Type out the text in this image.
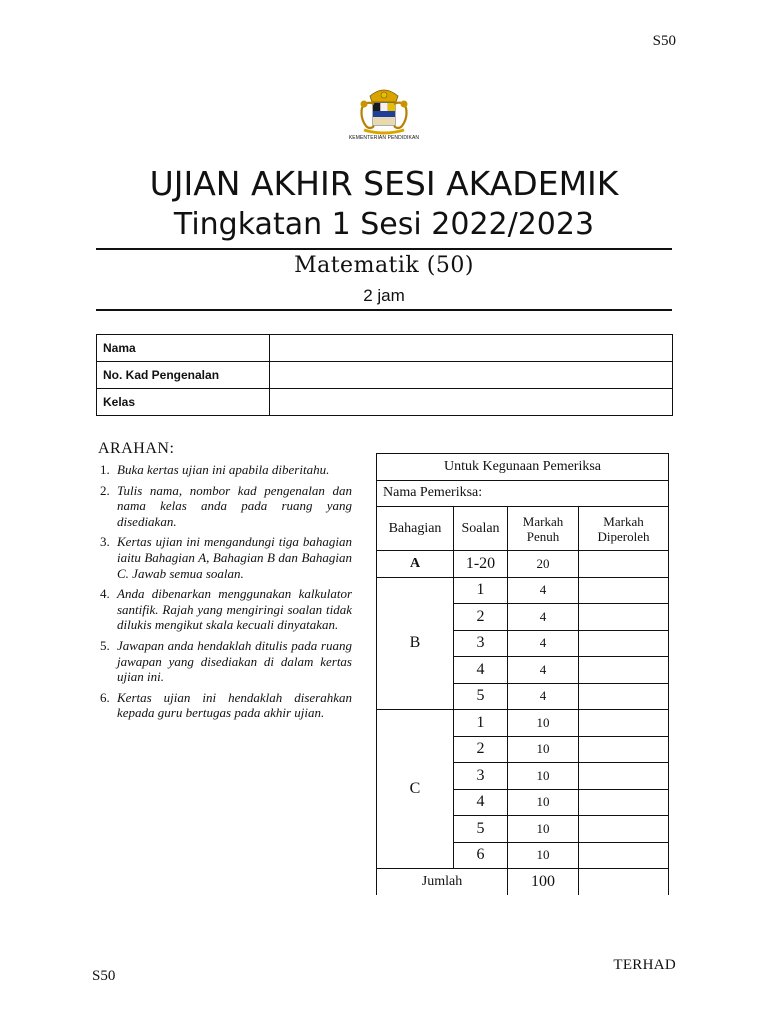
S50
KEMENTERIAN PENDIDIKAN
UJIAN AKHIR SESI AKADEMIK
Tingkatan 1 Sesi 2022/2023
Matematik (50)
2 jam
Nama	
No. Kad Pengenalan	
Kelas	
ARAHAN:
1. Buka kertas ujian ini apabila diberitahu.
2. Tulis nama, nombor kad pengenalan dan nama kelas anda pada ruang yang disediakan.
3. Kertas ujian ini mengandungi tiga bahagian iaitu Bahagian A, Bahagian B dan Bahagian C. Jawab semua soalan.
4. Anda dibenarkan menggunakan kalkulator santifik. Rajah yang mengiringi soalan tidak dilukis mengikut skala kecuali dinyatakan.
5. Jawapan anda hendaklah ditulis pada ruang jawapan yang disediakan di dalam kertas ujian ini.
6. Kertas ujian ini hendaklah diserahkan kepada guru bertugas pada akhir ujian.
Untuk Kegunaan Pemeriksa			
Nama Pemeriksa:			
Bahagian	Soalan	Markah Penuh	Markah Diperoleh
A	1-20	20	
B	1	4	
	2	4	
	3	4	
	4	4	
	5	4	
C	1	10	
	2	10	
	3	10	
	4	10	
	5	10	
	6	10	
Jumlah		100	
TERHAD
S50
